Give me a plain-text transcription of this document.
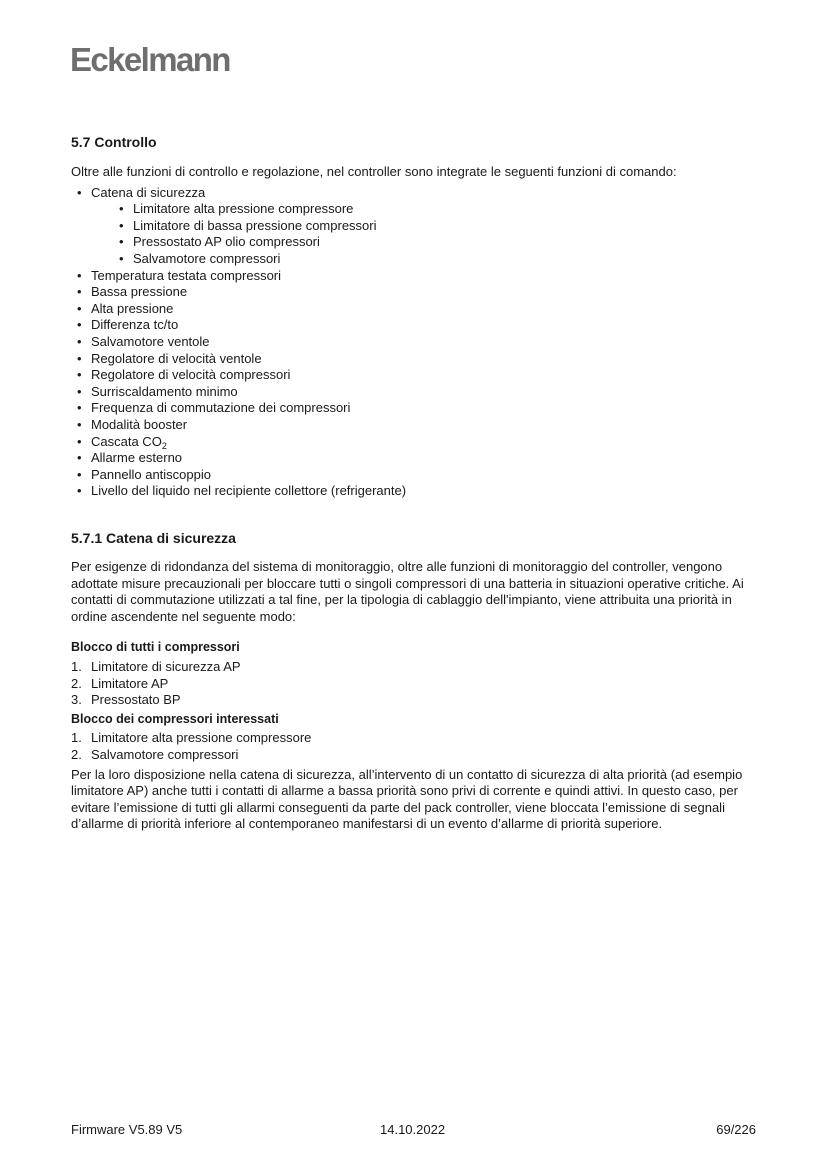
Eckelmann
5.7 Controllo

Oltre alle funzioni di controllo e regolazione, nel controller sono integrate le seguenti funzioni di comando:

• Catena di sicurezza
• Limitatore alta pressione compressore
• Limitatore di bassa pressione compressori
• Pressostato AP olio compressori
• Salvamotore compressori
• Temperatura testata compressori
• Bassa pressione
• Alta pressione
• Differenza tc/to
• Salvamotore ventole
• Regolatore di velocità ventole
• Regolatore di velocità compressori
• Surriscaldamento minimo
• Frequenza di commutazione dei compressori
• Modalità booster
• Cascata $CO_2$
• Allarme esterno
• Pannello antiscoppio
• Livello del liquido nel recipiente collettore (refrigerante)
5.7.1 Catena di sicurezza

Per esigenze di ridondanza del sistema di monitoraggio, oltre alle funzioni di monitoraggio del controller, vengono adottate misure precauzionali per bloccare tutti o singoli compressori di una batteria in situazioni operative critiche. Ai contatti di commutazione utilizzati a tal fine, per la tipologia di cablaggio dell'impianto, viene attribuita una priorità in ordine ascendente nel seguente modo:

Blocco di tutti i compressori
1. Limitatore di sicurezza AP
2. Limitatore AP
3. Pressostato BP
Blocco dei compressori interessati
1. Limitatore alta pressione compressore
2. Salvamotore compressori

Per la loro disposizione nella catena di sicurezza, all’intervento di un contatto di sicurezza di alta priorità (ad esempio limitatore AP) anche tutti i contatti di allarme a bassa priorità sono privi di corrente e quindi attivi. In questo caso, per evitare l’emissione di tutti gli allarmi conseguenti da parte del pack controller, viene bloccata l’emissione di segnali d’allarme di priorità inferiore al contemporaneo manifestarsi di un evento d’allarme di priorità superiore.

Firmware V5.89 V5	14.10.2022	69/226
